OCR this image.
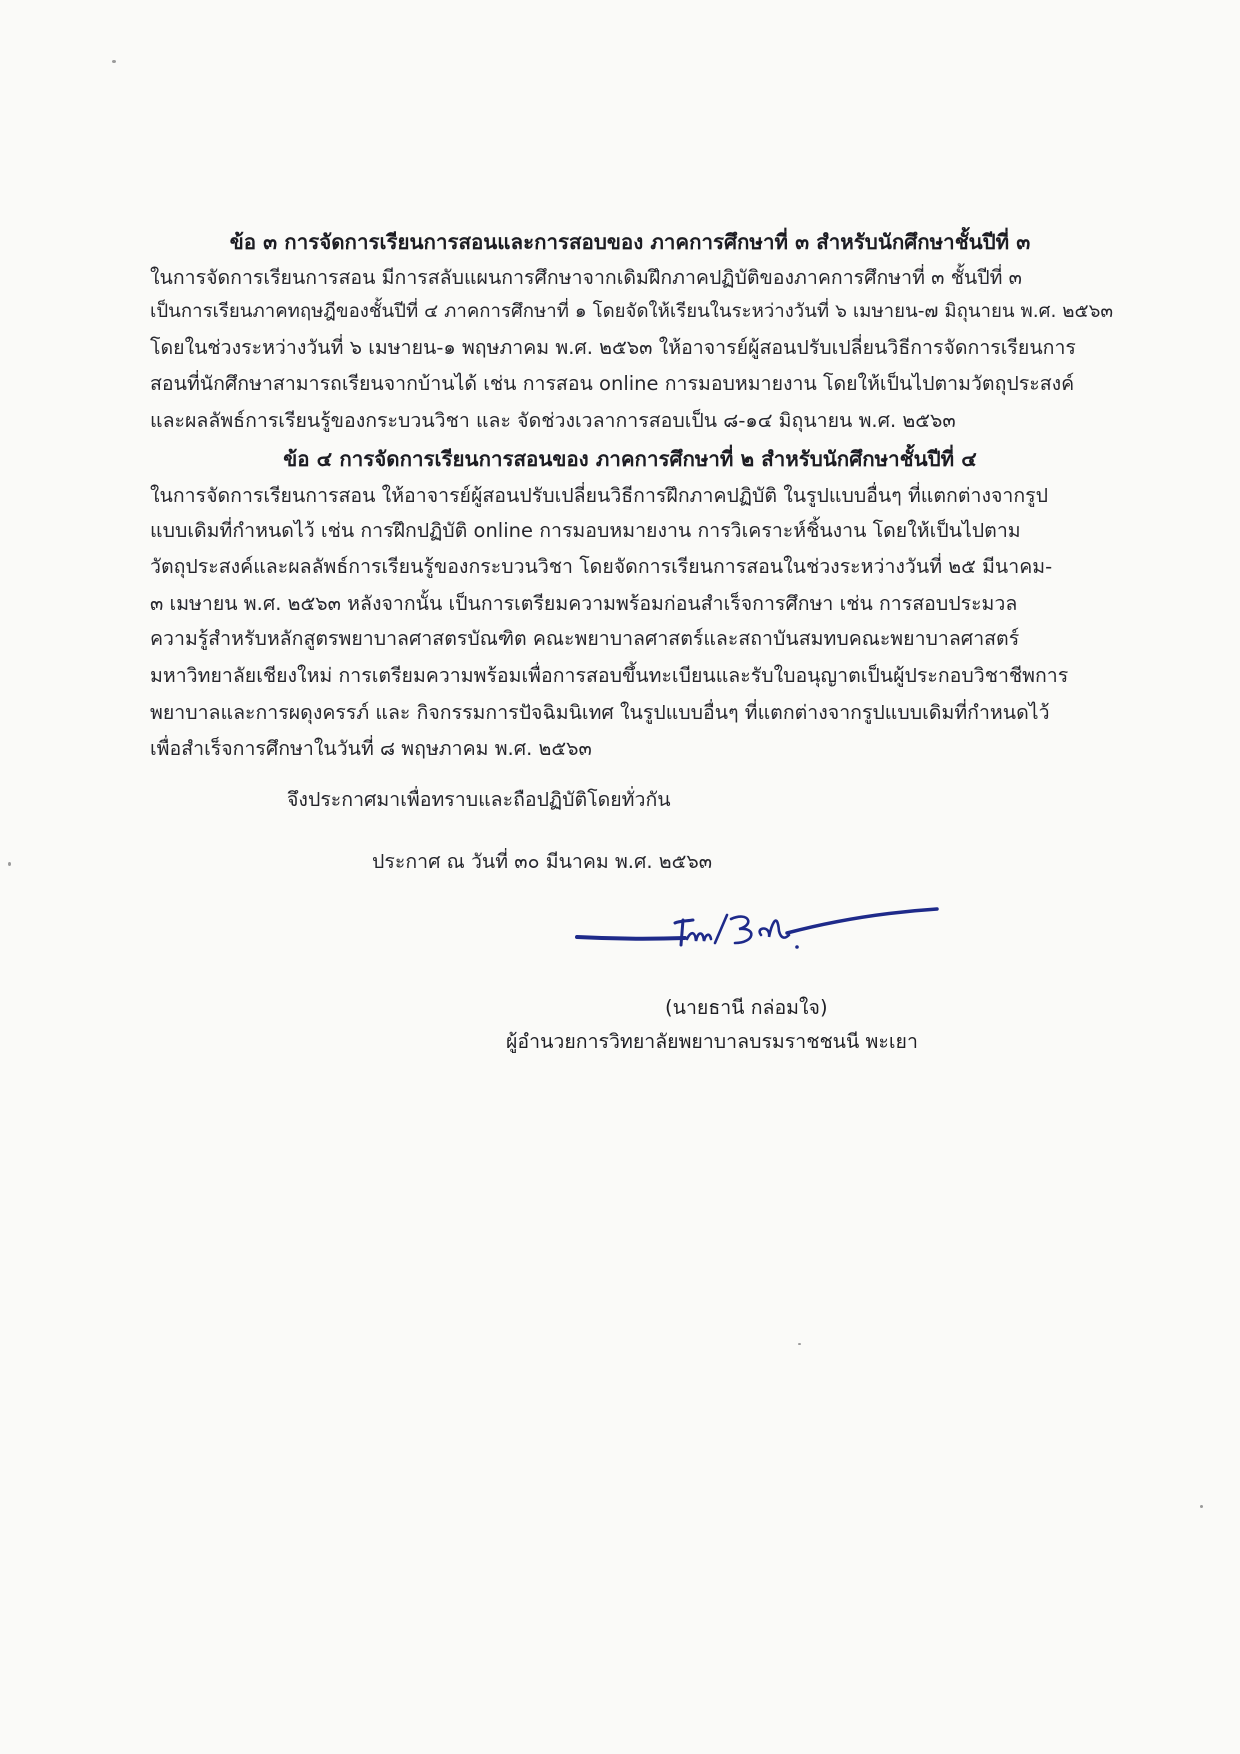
ข้อ ๓ การจัดการเรียนการสอนและการสอบของ ภาคการศึกษาที่ ๓ สำหรับนักศึกษาชั้นปีที่ ๓
ในการจัดการเรียนการสอน มีการสลับแผนการศึกษาจากเดิมฝึกภาคปฏิบัติของภาคการศึกษาที่ ๓ ชั้นปีที่ ๓
เป็นการเรียนภาคทฤษฎีของชั้นปีที่ ๔ ภาคการศึกษาที่ ๑ โดยจัดให้เรียนในระหว่างวันที่ ๖ เมษายน-๗ มิถุนายน พ.ศ. ๒๕๖๓
โดยในช่วงระหว่างวันที่ ๖ เมษายน-๑ พฤษภาคม พ.ศ. ๒๕๖๓ ให้อาจารย์ผู้สอนปรับเปลี่ยนวิธีการจัดการเรียนการ
สอนที่นักศึกษาสามารถเรียนจากบ้านได้ เช่น การสอน online การมอบหมายงาน โดยให้เป็นไปตามวัตถุประสงค์
และผลลัพธ์การเรียนรู้ของกระบวนวิชา และ จัดช่วงเวลาการสอบเป็น ๘-๑๔ มิถุนายน พ.ศ. ๒๕๖๓
ข้อ ๔ การจัดการเรียนการสอนของ ภาคการศึกษาที่ ๒ สำหรับนักศึกษาชั้นปีที่ ๔
ในการจัดการเรียนการสอน ให้อาจารย์ผู้สอนปรับเปลี่ยนวิธีการฝึกภาคปฏิบัติ ในรูปแบบอื่นๆ ที่แตกต่างจากรูป
แบบเดิมที่กำหนดไว้ เช่น การฝึกปฏิบัติ online การมอบหมายงาน การวิเคราะห์ชิ้นงาน โดยให้เป็นไปตาม
วัตถุประสงค์และผลลัพธ์การเรียนรู้ของกระบวนวิชา โดยจัดการเรียนการสอนในช่วงระหว่างวันที่ ๒๕ มีนาคม-
๓ เมษายน พ.ศ. ๒๕๖๓ หลังจากนั้น เป็นการเตรียมความพร้อมก่อนสำเร็จการศึกษา เช่น การสอบประมวล
ความรู้สำหรับหลักสูตรพยาบาลศาสตรบัณฑิต คณะพยาบาลศาสตร์และสถาบันสมทบคณะพยาบาลศาสตร์
มหาวิทยาลัยเชียงใหม่ การเตรียมความพร้อมเพื่อการสอบขึ้นทะเบียนและรับใบอนุญาตเป็นผู้ประกอบวิชาชีพการ
พยาบาลและการผดุงครรภ์ และ กิจกรรมการปัจฉิมนิเทศ ในรูปแบบอื่นๆ ที่แตกต่างจากรูปแบบเดิมที่กำหนดไว้
เพื่อสำเร็จการศึกษาในวันที่ ๘ พฤษภาคม พ.ศ. ๒๕๖๓
จึงประกาศมาเพื่อทราบและถือปฏิบัติโดยทั่วกัน
ประกาศ ณ วันที่ ๓๐ มีนาคม พ.ศ. ๒๕๖๓
(นายธานี กล่อมใจ)
ผู้อำนวยการวิทยาลัยพยาบาลบรมราชชนนี พะเยา
